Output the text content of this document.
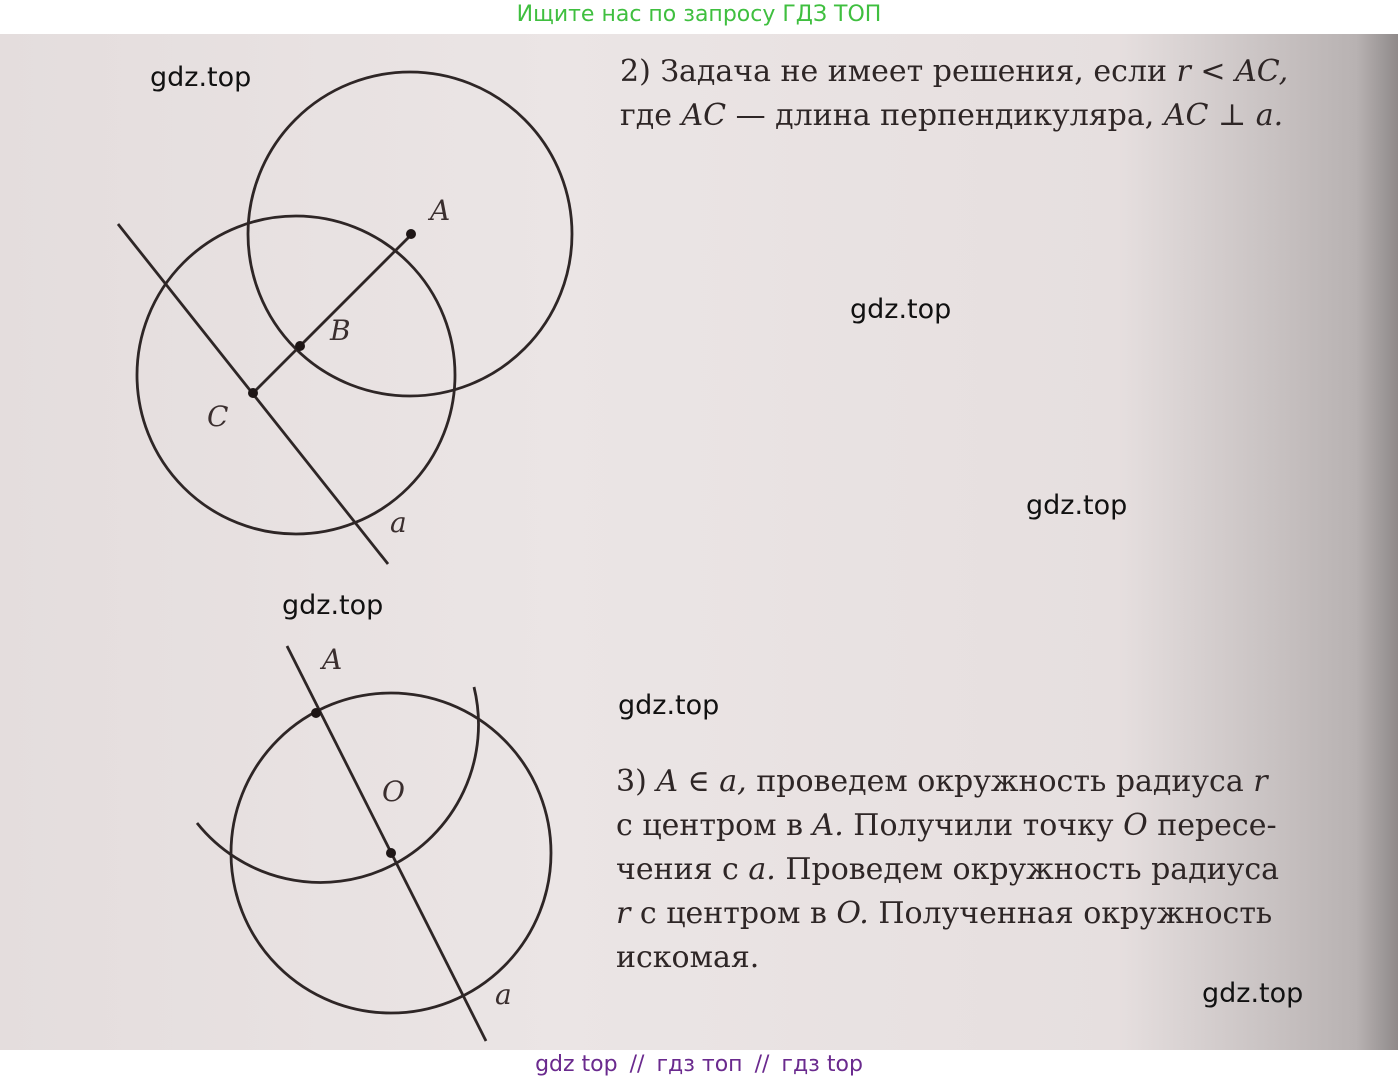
Ищите нас по запросу ГДЗ ТОП
A
B
C
a
A
O
a
2) Задача не имеет решения, если r < AC,
где AC — длина перпендикуляра, AC ⊥ a.
3) A ∈ a, проведем окружность радиуса r
с центром в A. Получили точку O пересе-
чения с a. Проведем окружность радиуса
r с центром в O. Полученная окружность
искомая.
gdz.top
gdz.top
gdz.top
gdz.top
gdz.top
gdz.top
gdz top // гдз топ // гдз top
